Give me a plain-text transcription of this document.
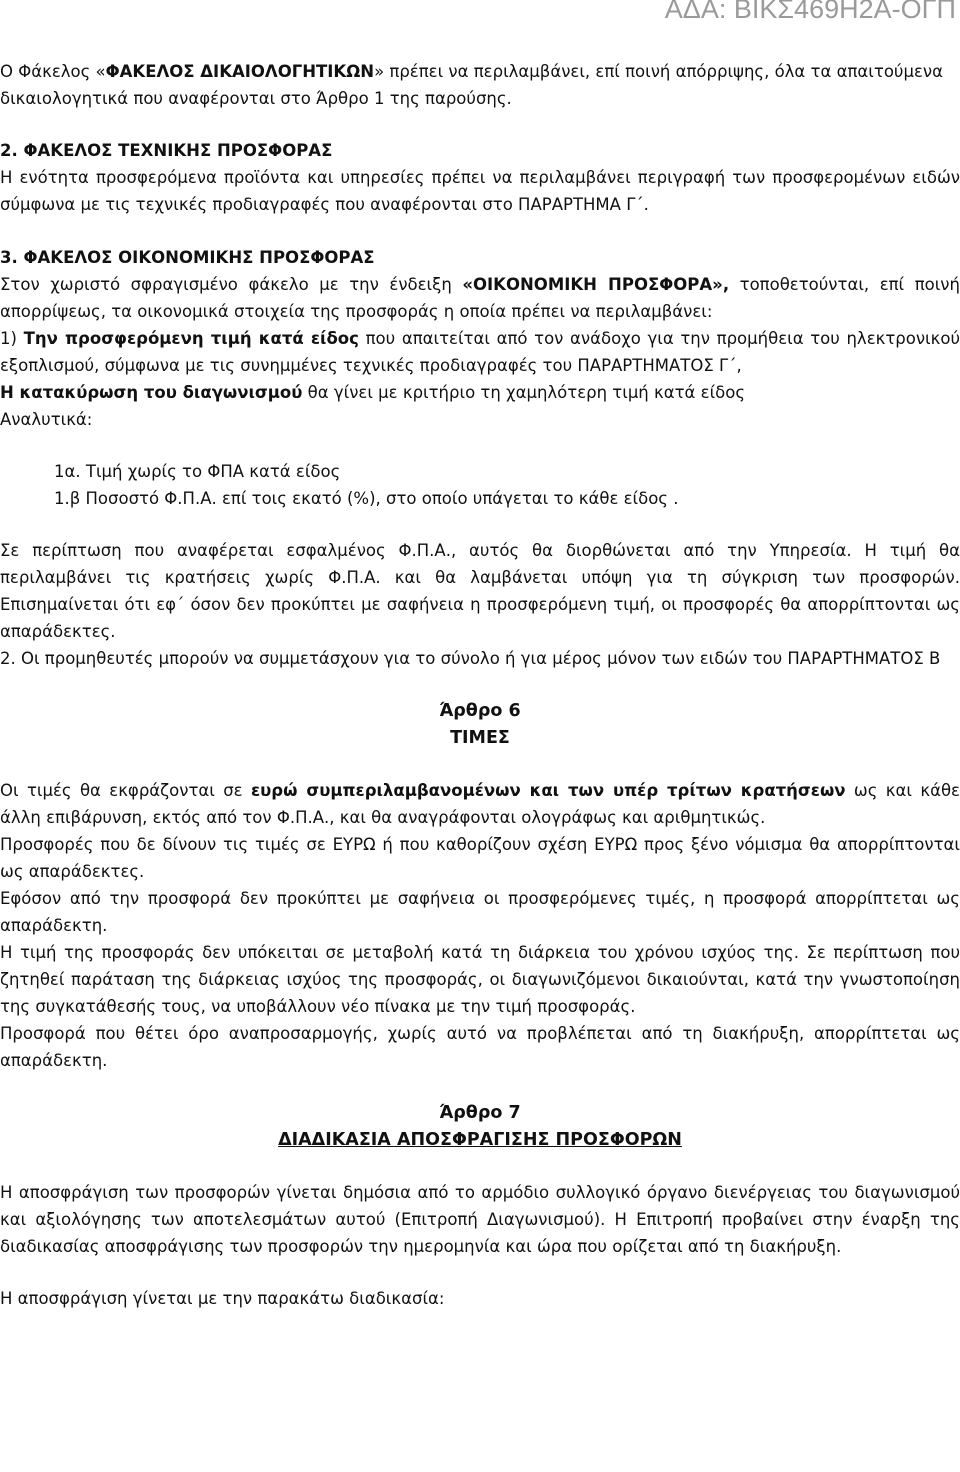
ΑΔΑ: ΒΙΚΣ469Η2Α-ΟΓΠ

Ο Φάκελος «ΦΑΚΕΛΟΣ ΔΙΚΑΙΟΛΟΓΗΤΙΚΩΝ» πρέπει να περιλαμβάνει, επί ποινή απόρριψης, όλα τα απαιτούμενα δικαιολογητικά που αναφέρονται στο Άρθρο 1 της παρούσης.

2. ΦΑΚΕΛΟΣ ΤΕΧΝΙΚΗΣ ΠΡΟΣΦΟΡΑΣ

Η ενότητα προσφερόμενα προϊόντα και υπηρεσίες πρέπει να περιλαμβάνει περιγραφή των προσφερομένων ειδών σύμφωνα με τις τεχνικές προδιαγραφές που αναφέρονται στο ΠΑΡΑΡΤΗΜΑ Γ΄.

3. ΦΑΚΕΛΟΣ ΟΙΚΟΝΟΜΙΚΗΣ ΠΡΟΣΦΟΡΑΣ

Στον χωριστό σφραγισμένο φάκελο με την ένδειξη «ΟΙΚΟΝΟΜΙΚΗ ΠΡΟΣΦΟΡΑ», τοποθετούνται, επί ποινή απορρίψεως, τα οικονομικά στοιχεία της προσφοράς η οποία πρέπει να περιλαμβάνει:

1) Την προσφερόμενη τιμή κατά είδος που απαιτείται από τον ανάδοχο για την προμήθεια του ηλεκτρονικού εξοπλισμού, σύμφωνα με τις συνημμένες τεχνικές προδιαγραφές του ΠΑΡΑΡΤΗΜΑΤΟΣ Γ΄,

Η κατακύρωση του διαγωνισμού θα γίνει με κριτήριο τη χαμηλότερη τιμή κατά είδος

Αναλυτικά:

1α. Τιμή χωρίς το ΦΠΑ κατά είδος

1.β Ποσοστό Φ.Π.Α. επί τοις εκατό (%), στο οποίο υπάγεται το κάθε είδος .

Σε περίπτωση που αναφέρεται εσφαλμένος Φ.Π.Α., αυτός θα διορθώνεται από την Υπηρεσία. Η τιμή θα περιλαμβάνει τις κρατήσεις χωρίς Φ.Π.Α. και θα λαμβάνεται υπόψη για τη σύγκριση των προσφορών. Επισημαίνεται ότι εφ΄ όσον δεν προκύπτει με σαφήνεια η προσφερόμενη τιμή, οι προσφορές θα απορρίπτονται ως απαράδεκτες.

2. Οι προμηθευτές μπορούν να συμμετάσχουν για το σύνολο ή για μέρος μόνον των ειδών του ΠΑΡΑΡΤΗΜΑΤΟΣ Β

Άρθρο 6

ΤΙΜΕΣ

Οι τιμές θα εκφράζονται σε ευρώ συμπεριλαμβανομένων και των υπέρ τρίτων κρατήσεων ως και κάθε άλλη επιβάρυνση, εκτός από τον Φ.Π.Α., και θα αναγράφονται ολογράφως και αριθμητικώς.

Προσφορές που δε δίνουν τις τιμές σε ΕΥΡΩ ή που καθορίζουν σχέση ΕΥΡΩ προς ξένο νόμισμα θα απορρίπτονται ως απαράδεκτες.

Εφόσον από την προσφορά δεν προκύπτει με σαφήνεια οι προσφερόμενες τιμές, η προσφορά απορρίπτεται ως απαράδεκτη.

Η τιμή της προσφοράς δεν υπόκειται σε μεταβολή κατά τη διάρκεια του χρόνου ισχύος της. Σε περίπτωση που ζητηθεί παράταση της διάρκειας ισχύος της προσφοράς, οι διαγωνιζόμενοι δικαιούνται, κατά την γνωστοποίηση της συγκατάθεσής τους, να υποβάλλουν νέο πίνακα με την τιμή προσφοράς.

Προσφορά που θέτει όρο αναπροσαρμογής, χωρίς αυτό να προβλέπεται από τη διακήρυξη, απορρίπτεται ως απαράδεκτη.

Άρθρο 7

ΔΙΑΔΙΚΑΣΙΑ ΑΠΟΣΦΡΑΓΙΣΗΣ ΠΡΟΣΦΟΡΩΝ

Η αποσφράγιση των προσφορών γίνεται δημόσια από το αρμόδιο συλλογικό όργανο διενέργειας του διαγωνισμού και αξιολόγησης των αποτελεσμάτων αυτού (Επιτροπή Διαγωνισμού). Η Επιτροπή προβαίνει στην έναρξη της διαδικασίας αποσφράγισης των προσφορών την ημερομηνία και ώρα που ορίζεται από τη διακήρυξη.

Η αποσφράγιση γίνεται με την παρακάτω διαδικασία:
